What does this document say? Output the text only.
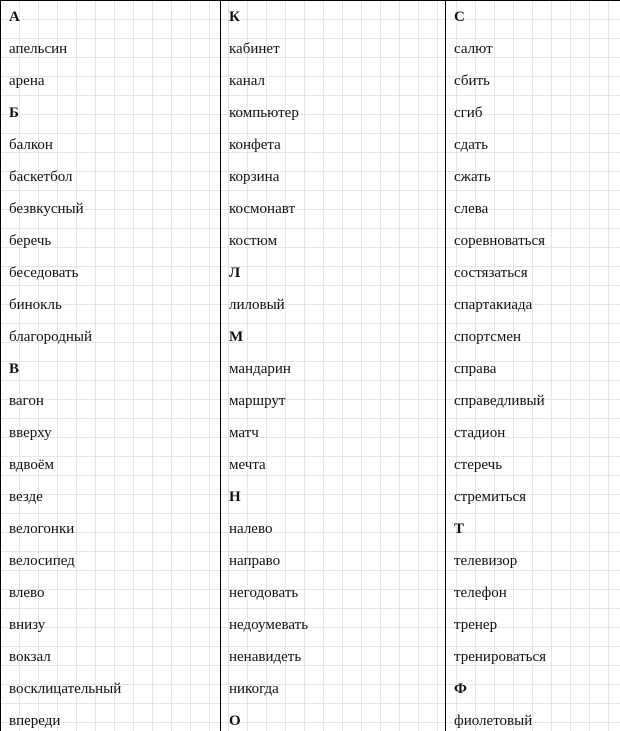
А	К	С
апельсин	кабинет	салют
арена	канал	сбить
Б	компьютер	сгиб
балкон	конфета	сдать
баскетбол	корзина	сжать
безвкусный	космонавт	слева
беречь	костюм	соревноваться
беседовать	Л	состязаться
бинокль	лиловый	спартакиада
благородный	М	спортсмен
В	мандарин	справа
вагон	маршрут	справедливый
вверху	матч	стадион
вдвоём	мечта	стеречь
везде	Н	стремиться
велогонки	налево	Т
велосипед	направо	телевизор
влево	негодовать	телефон
внизу	недоумевать	тренер
вокзал	ненавидеть	тренироваться
восклицательный	никогда	Ф
впереди	О	фиолетовый
